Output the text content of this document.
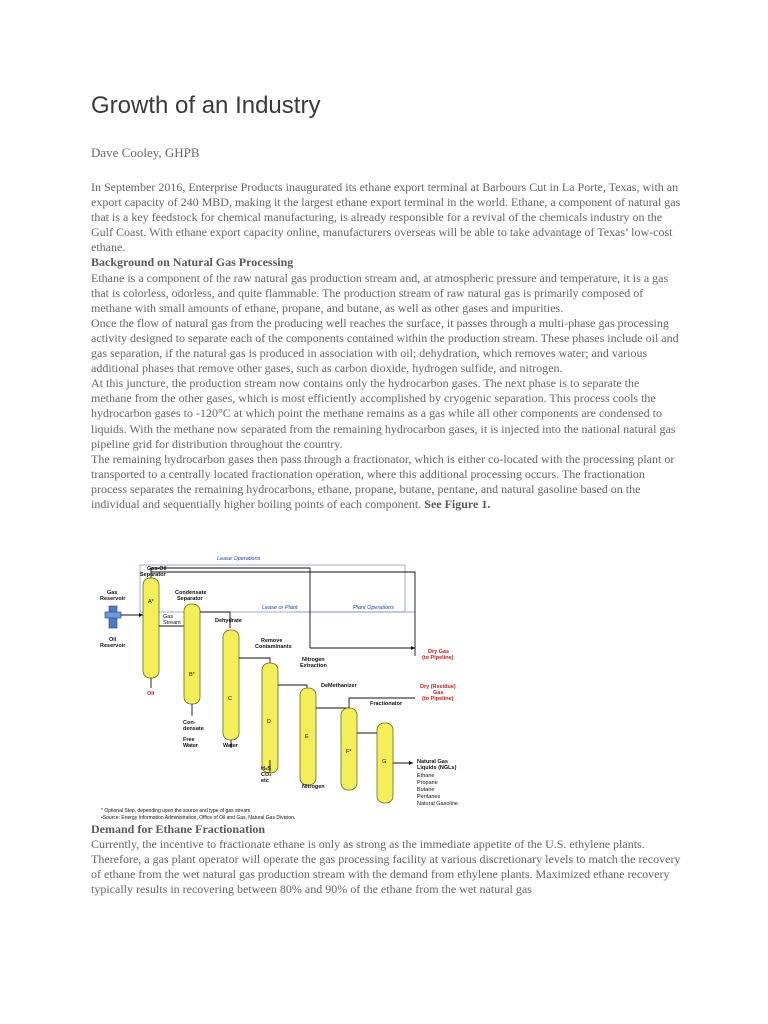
Growth of an Industry
Dave Cooley, GHPB

In September 2016, Enterprise Products inaugurated its ethane export terminal at Barbours Cut in La Porte, Texas, with an export capacity of 240 MBD, making it the largest ethane export terminal in the world. Ethane, a component of natural gas that is a key feedstock for chemical manufacturing, is already responsible for a revival of the chemicals industry on the Gulf Coast. With ethane export capacity online, manufacturers overseas will be able to take advantage of Texas’ low-cost ethane.

Background on Natural Gas Processing

Ethane is a component of the raw natural gas production stream and, at atmospheric pressure and temperature, it is a gas that is colorless, odorless, and quite flammable. The production stream of raw natural gas is primarily composed of methane with small amounts of ethane, propane, and butane, as well as other gases and impurities.

Once the flow of natural gas from the producing well reaches the surface, it passes through a multi-phase gas processing activity designed to separate each of the components contained within the production stream. These phases include oil and gas separation, if the natural gas is produced in association with oil; dehydration, which removes water; and various additional phases that remove other gases, such as carbon dioxide, hydrogen sulfide, and nitrogen.

At this juncture, the production stream now contains only the hydrocarbon gases. The next phase is to separate the methane from the other gases, which is most efficiently accomplished by cryogenic separation. This process cools the hydrocarbon gases to -120°C at which point the methane remains as a gas while all other components are condensed to liquids. With the methane now separated from the remaining hydrocarbon gases, it is injected into the national natural gas pipeline grid for distribution throughout the country.

The remaining hydrocarbon gases then pass through a fractionator, which is either co-located with the processing plant or transported to a centrally located fractionation operation, where this additional processing occurs. The fractionation process separates the remaining hydrocarbons, ethane, propane, butane, pentane, and natural gasoline based on the individual and sequentially higher boiling points of each component. See Figure 1.

Lease Operations
Lease or Plant	Plant Operations
Gas-Oil
Separator
A*
Gas
Reservoir
Oil
Reservoir
Oil
Gas
Stream
Condensate
Separator
B*
Con-
densate
Free
Water
Dehydrate
C
Water
Remove
Contaminants
D
H₂S
CO₂
etc
Nitrogen
Extraction
E
Nitrogen
Dry Gas
(to Pipeline)
DeMethanizer
F*
Dry (Residue)
Gas
(to Pipeline)
Fractionator
G	Natural Gas
Liquids (NGLs)
Ethane
Propane
Butane
Pentanes
Natural Gasoline
* Optional Step, depending upon the source and type of gas stream.
•Source: Energy Information Administration, Office of Oil and Gas, Natural Gas Division.

Demand for Ethane Fractionation

Currently, the incentive to fractionate ethane is only as strong as the immediate appetite of the U.S. ethylene plants. Therefore, a gas plant operator will operate the gas processing facility at various discretionary levels to match the recovery of ethane from the wet natural gas production stream with the demand from ethylene plants. Maximized ethane recovery typically results in recovering between 80% and 90% of the ethane from the wet natural gas
